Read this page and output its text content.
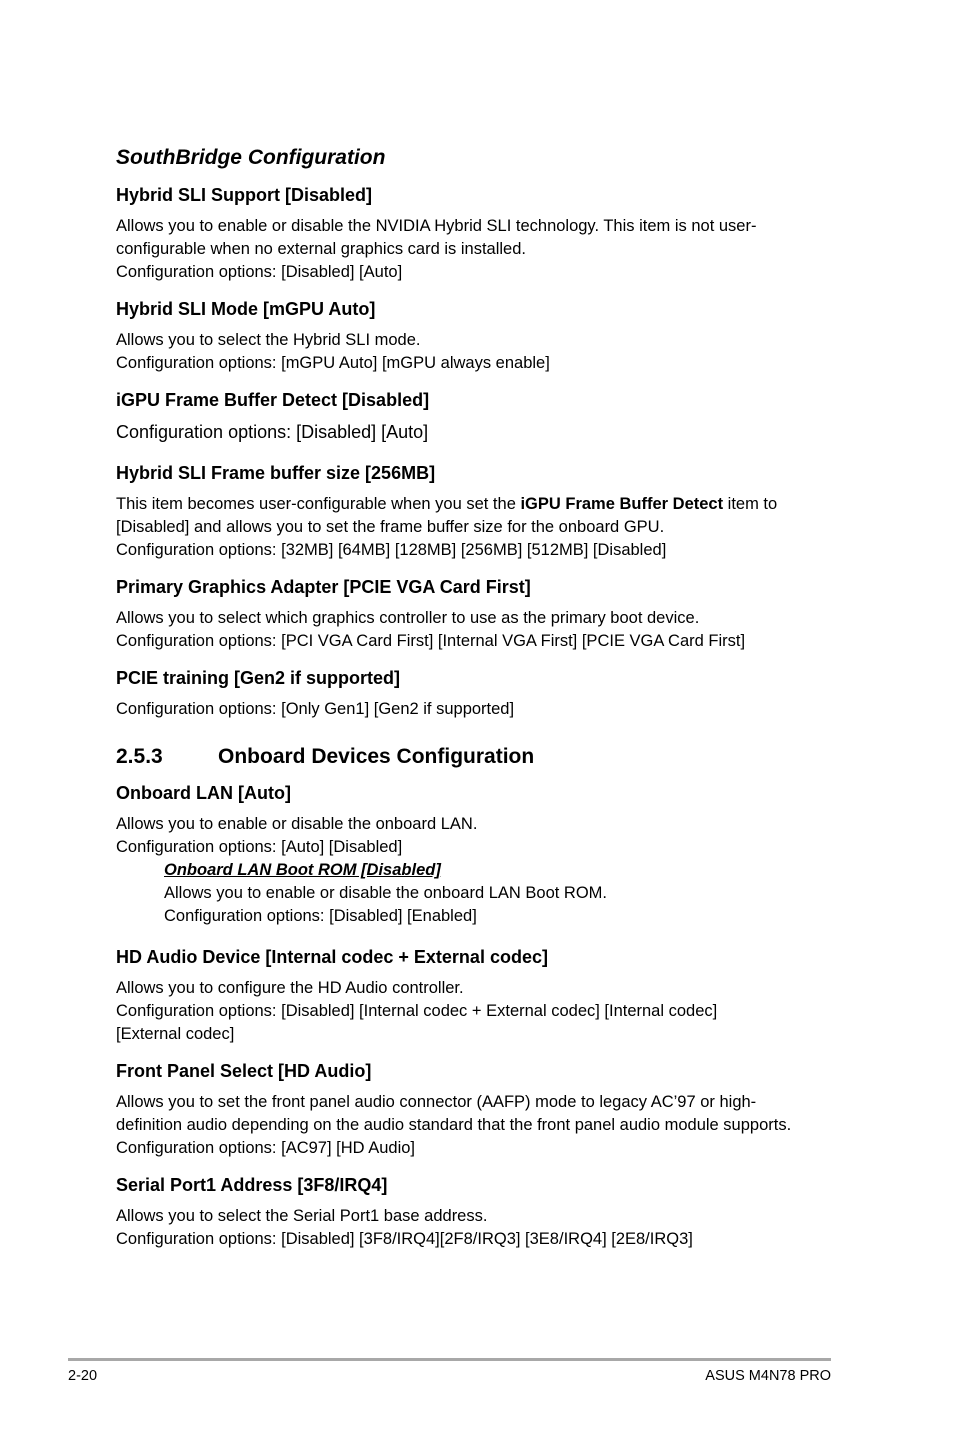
SouthBridge Configuration
Hybrid SLI Support [Disabled]

Allows you to enable or disable the NVIDIA Hybrid SLI technology. This item is not user-

configurable when no external graphics card is installed.

Configuration options: [Disabled] [Auto]

Hybrid SLI Mode [mGPU Auto]

Allows you to select the Hybrid SLI mode.

Configuration options: [mGPU Auto] [mGPU always enable]

iGPU Frame Buffer Detect [Disabled]

Configuration options: [Disabled] [Auto]

Hybrid SLI Frame buffer size [256MB]

This item becomes user-configurable when you set the iGPU Frame Buffer Detect item to

[Disabled] and allows you to set the frame buffer size for the onboard GPU.

Configuration options: [32MB] [64MB] [128MB] [256MB] [512MB] [Disabled]

Primary Graphics Adapter [PCIE VGA Card First]

Allows you to select which graphics controller to use as the primary boot device.

Configuration options: [PCI VGA Card First] [Internal VGA First] [PCIE VGA Card First]

PCIE training [Gen2 if supported]

Configuration options: [Only Gen1] [Gen2 if supported]

2.5.3	Onboard Devices Configuration
Onboard LAN [Auto]

Allows you to enable or disable the onboard LAN.

Configuration options: [Auto] [Disabled]

Onboard LAN Boot ROM [Disabled]

Allows you to enable or disable the onboard LAN Boot ROM.

Configuration options: [Disabled] [Enabled]

HD Audio Device [Internal codec + External codec]

Allows you to configure the HD Audio controller.

Configuration options: [Disabled] [Internal codec + External codec] [Internal codec]

[External codec]

Front Panel Select [HD Audio]

Allows you to set the front panel audio connector (AAFP) mode to legacy AC’97 or high-

definition audio depending on the audio standard that the front panel audio module supports.

Configuration options: [AC97] [HD Audio]

Serial Port1 Address [3F8/IRQ4]

Allows you to select the Serial Port1 base address.

Configuration options: [Disabled] [3F8/IRQ4][2F8/IRQ3] [3E8/IRQ4] [2E8/IRQ3]

2-20	ASUS M4N78 PRO
